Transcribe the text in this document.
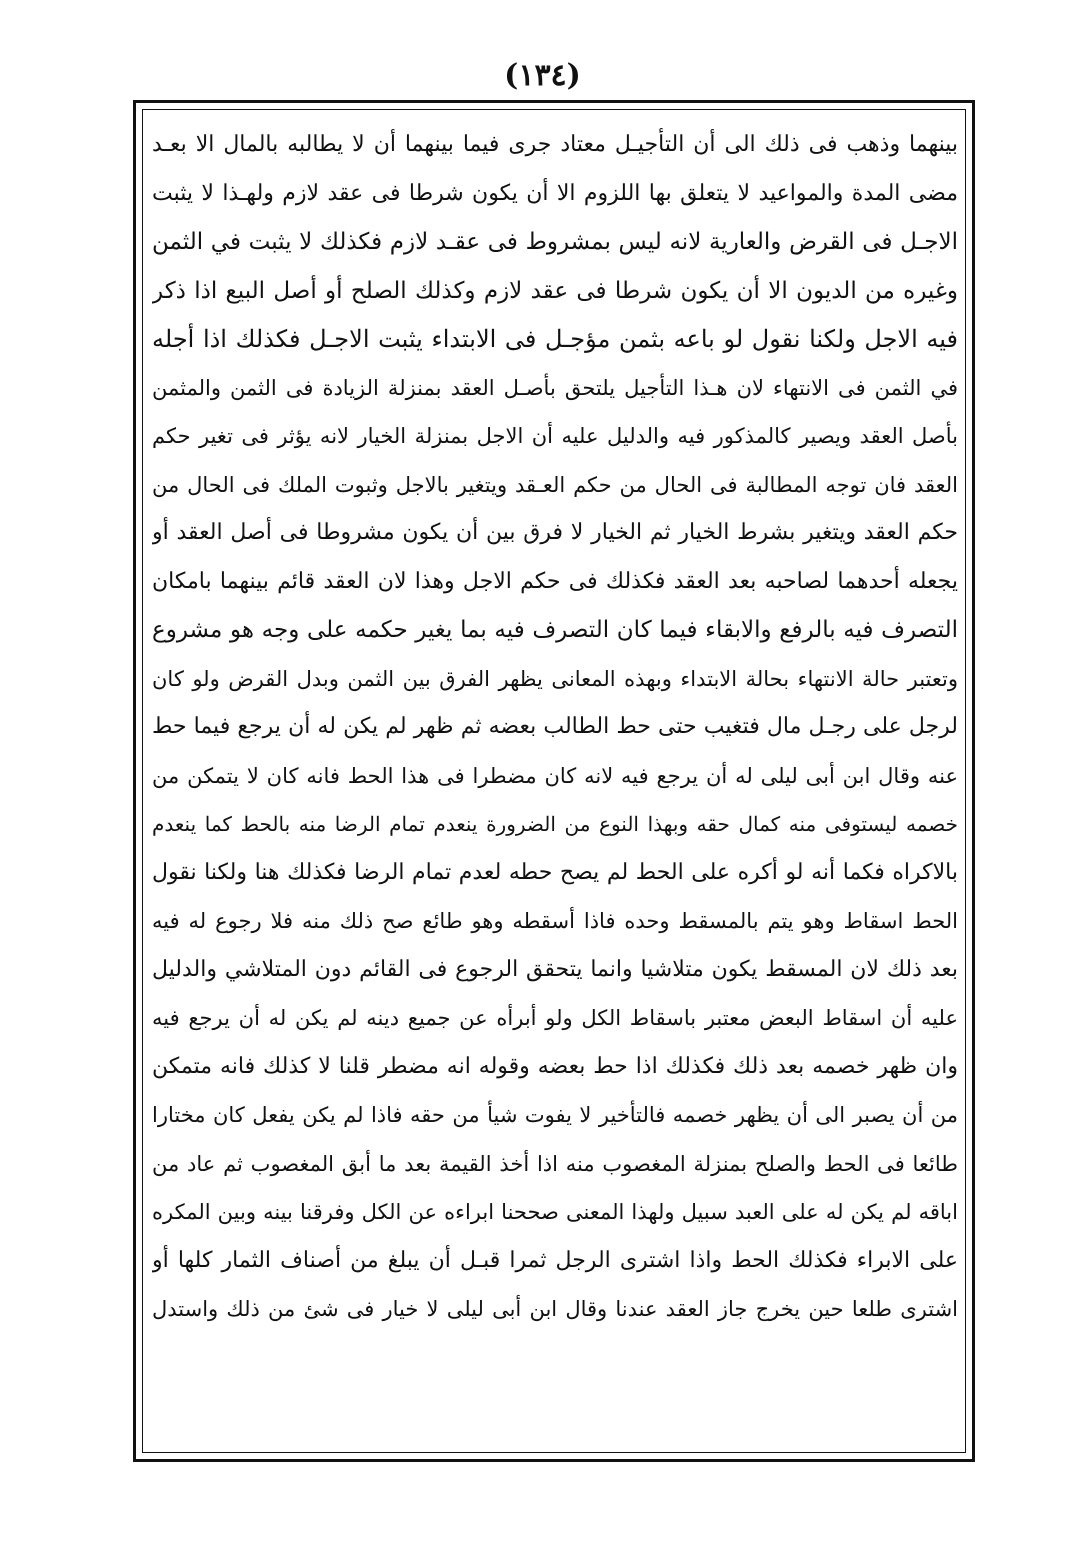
(١٣٤)
بينهما وذهب فى ذلك الى أن التأجيـل معتاد جرى فيما بينهما أن لا يطالبه بالمال الا بعـد
مضى المدة والمواعيد لا يتعلق بها اللزوم الا أن يكون شرطا فى عقد لازم ولهـذا لا يثبت
الاجـل فى القرض والعارية لانه ليس بمشروط فى عقـد لازم فكذلك لا يثبت في الثمن
وغيره من الديون الا أن يكون شرطا فى عقد لازم وكذلك الصلح أو أصل البيع اذا ذكر
فيه الاجل ولكنا نقول لو باعه بثمن مؤجـل فى الابتداء يثبت الاجـل فكذلك اذا أجله
في الثمن فى الانتهاء لان هـذا التأجيل يلتحق بأصـل العقد بمنزلة الزيادة فى الثمن والمثمن
بأصل العقد ويصير كالمذكور فيه والدليل عليه أن الاجل بمنزلة الخيار لانه يؤثر فى تغير حكم
العقد فان توجه المطالبة فى الحال من حكم العـقد ويتغير بالاجل وثبوت الملك فى الحال من
حكم العقد ويتغير بشرط الخيار ثم الخيار لا فرق بين أن يكون مشروطا فى أصل العقد أو
يجعله أحدهما لصاحبه بعد العقد فكذلك فى حكم الاجل وهذا لان العقد قائم بينهما بامكان
التصرف فيه بالرفع والابقاء فيما كان التصرف فيه بما يغير حكمه على وجه هو مشروع
وتعتبر حالة الانتهاء بحالة الابتداء وبهذه المعانى يظهر الفرق بين الثمن وبدل القرض ولو كان
لرجل على رجـل مال فتغيب حتى حط الطالب بعضه ثم ظهر لم يكن له أن يرجع فيما حط
عنه وقال ابن أبى ليلى له أن يرجع فيه لانه كان مضطرا فى هذا الحط فانه كان لا يتمكن من
خصمه ليستوفى منه كمال حقه وبهذا النوع من الضرورة ينعدم تمام الرضا منه بالحط كما ينعدم
بالاكراه فكما أنه لو أكره على الحط لم يصح حطه لعدم تمام الرضا فكذلك هنا ولكنا نقول
الحط اسقاط وهو يتم بالمسقط وحده فاذا أسقطه وهو طائع صح ذلك منه فلا رجوع له فيه
بعد ذلك لان المسقط يكون متلاشيا وانما يتحقق الرجوع فى القائم دون المتلاشي والدليل
عليه أن اسقاط البعض معتبر باسقاط الكل ولو أبرأه عن جميع دينه لم يكن له أن يرجع فيه
وان ظهر خصمه بعد ذلك فكذلك اذا حط بعضه وقوله انه مضطر قلنا لا كذلك فانه متمكن
من أن يصبر الى أن يظهر خصمه فالتأخير لا يفوت شيأ من حقه فاذا لم يكن يفعل كان مختارا
طائعا فى الحط والصلح بمنزلة المغصوب منه اذا أخذ القيمة بعد ما أبق المغصوب ثم عاد من
اباقه لم يكن له على العبد سبيل ولهذا المعنى صححنا ابراءه عن الكل وفرقنا بينه وبين المكره
على الابراء فكذلك الحط واذا اشترى الرجل ثمرا قبـل أن يبلغ من أصناف الثمار كلها أو
اشترى طلعا حين يخرج جاز العقد عندنا وقال ابن أبى ليلى لا خيار فى شئ من ذلك واستدل
